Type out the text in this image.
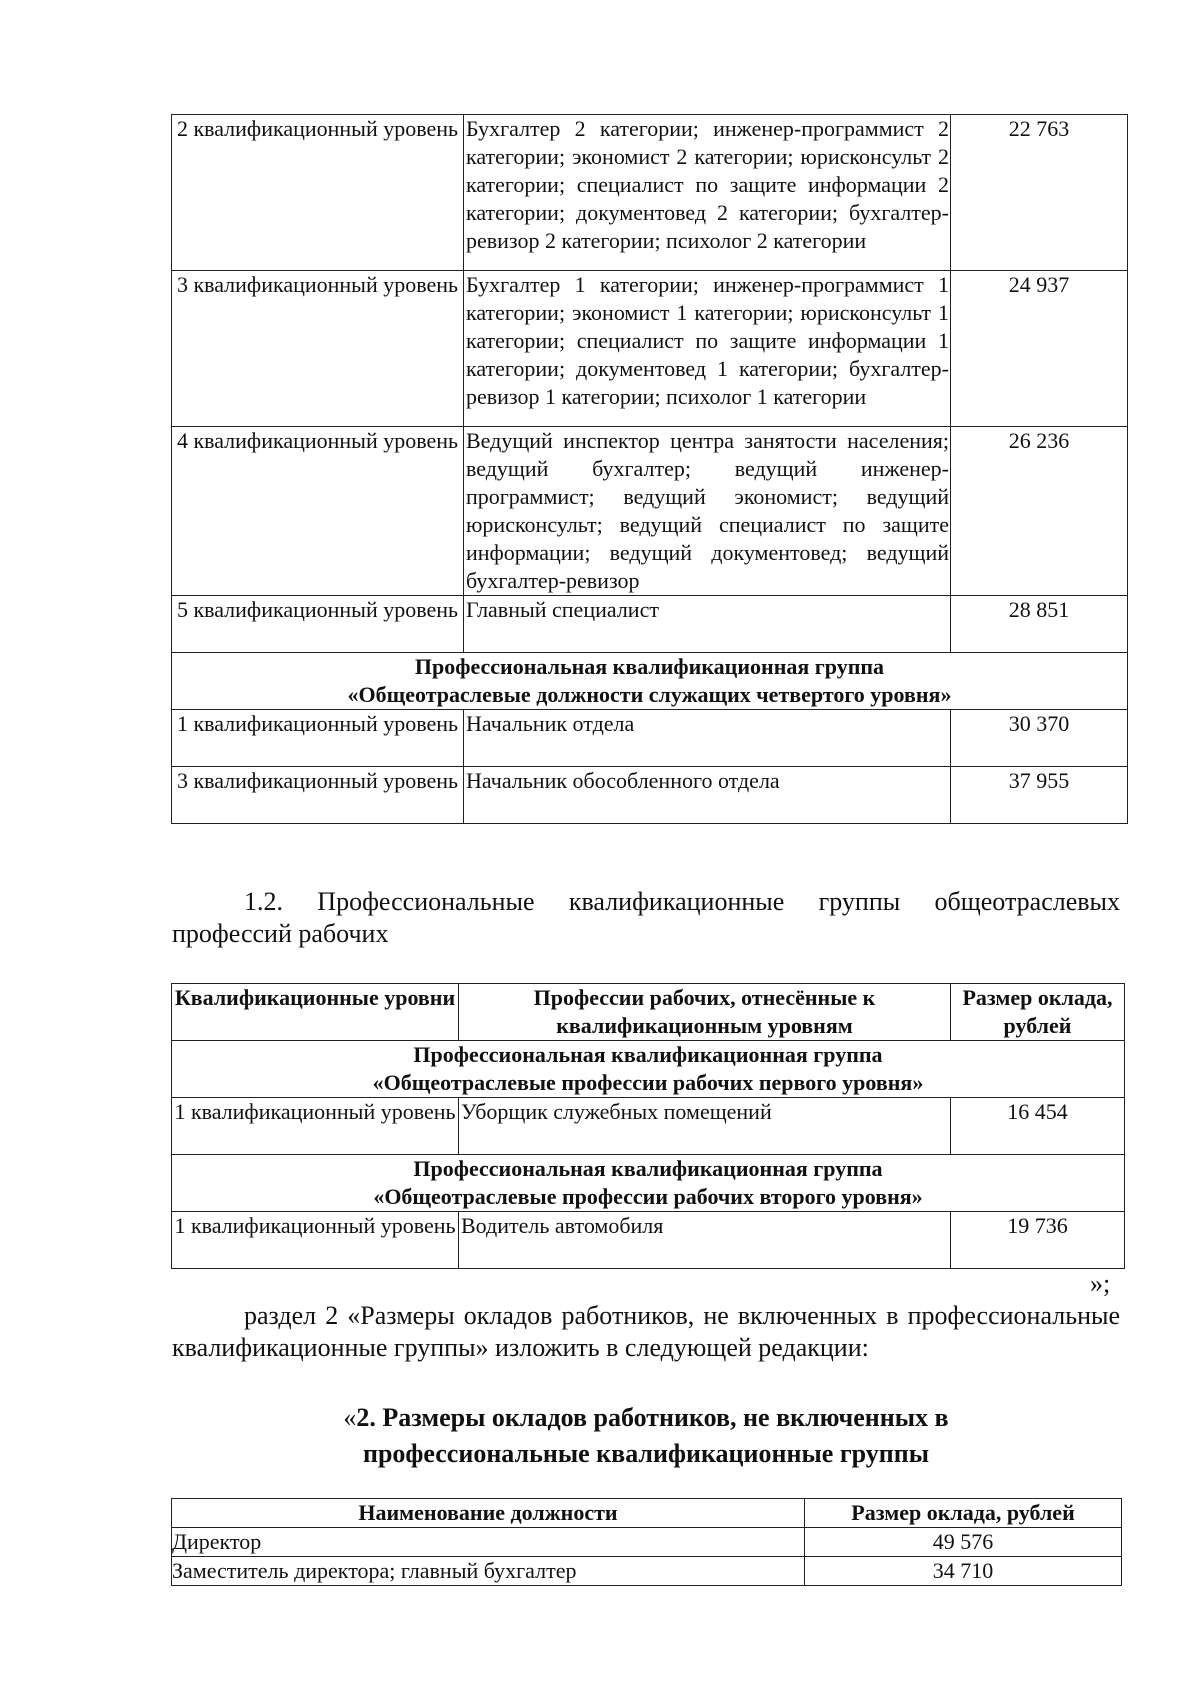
2 квалификационный уровень	Бухгалтер 2 категории; инженер-программист 2 категории; экономист 2 категории; юрисконсульт 2 категории; специалист по защите информации 2 категории; документовед 2 категории; бухгалтер-ревизор 2 категории; психолог 2 категории	22 763
3 квалификационный уровень	Бухгалтер 1 категории; инженер-программист 1 категории; экономист 1 категории; юрисконсульт 1 категории; специалист по защите информации 1 категории; документовед 1 категории; бухгалтер-ревизор 1 категории; психолог 1 категории	24 937
4 квалификационный уровень	Ведущий инспектор центра занятости населения; ведущий бухгалтер; ведущий инженер-программист; ведущий экономист; ведущий юрисконсульт; ведущий специалист по защите информации; ведущий документовед; ведущий бухгалтер-ревизор	26 236
5 квалификационный уровень	Главный специалист	28 851

Профессиональная квалификационная группа
«Общеотраслевые должности служащих четвертого уровня»		

1 квалификационный уровень	Начальник отдела	30 370
3 квалификационный уровень	Начальник обособленного отдела	37 955
1.2. Профессиональные квалификационные группы общеотраслевых
профессий рабочих
Квалификационные уровни	Профессии рабочих, отнесённые к квалификационным уровням	Размер оклада, рублей

Профессиональная квалификационная группа
«Общеотраслевые профессии рабочих первого уровня»		

1 квалификационный уровень	Уборщик служебных помещений	16 454

Профессиональная квалификационная группа
«Общеотраслевые профессии рабочих второго уровня»		

1 квалификационный уровень	Водитель автомобиля	19 736
»;
раздел 2 «Размеры окладов работников, не включенных в профессиональные квалификационные группы» изложить в следующей редакции:
«2. Размеры окладов работников, не включенных в
профессиональные квалификационные группы
Наименование должности	Размер оклада, рублей
Директор	49 576
Заместитель директора; главный бухгалтер	34 710
